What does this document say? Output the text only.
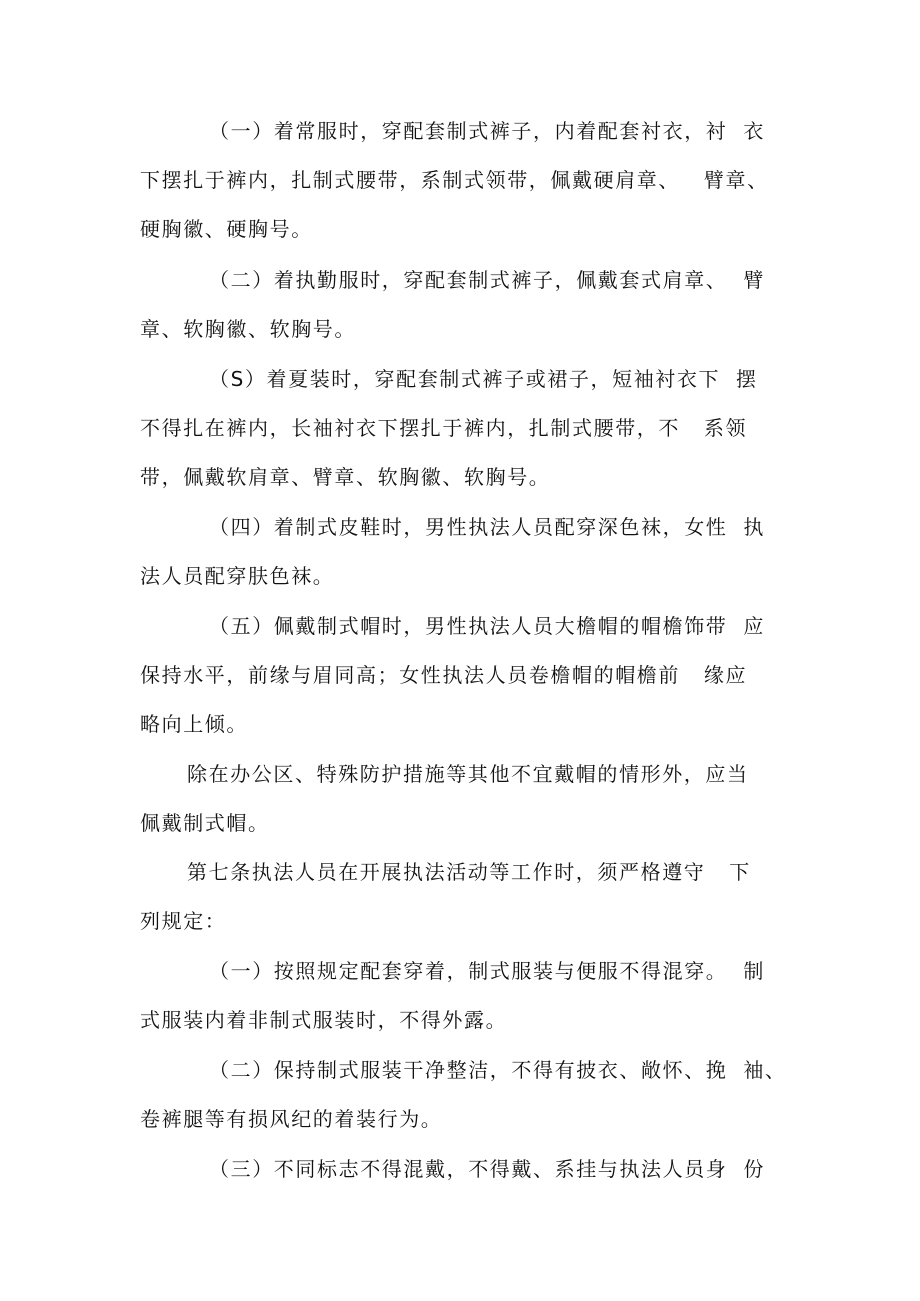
（一）着常服时，穿配套制式裤子，内着配套衬衣，衬  衣
下摆扎于裤内，扎制式腰带，系制式领带，佩戴硬肩章、   臂章、
硬胸徽、硬胸号。
（二）着执勤服时，穿配套制式裤子，佩戴套式肩章、  臂
章、软胸徽、软胸号。
（S）着夏装时，穿配套制式裤子或裙子，短袖衬衣下  摆
不得扎在裤内，长袖衬衣下摆扎于裤内，扎制式腰带，不   系领
带，佩戴软肩章、臂章、软胸徽、软胸号。
（四）着制式皮鞋时，男性执法人员配穿深色袜，女性  执
法人员配穿肤色袜。
（五）佩戴制式帽时，男性执法人员大檐帽的帽檐饰带  应
保持水平，前缘与眉同高；女性执法人员卷檐帽的帽檐前   缘应
略向上倾。
除在办公区、特殊防护措施等其他不宜戴帽的情形外，应当
佩戴制式帽。
第七条执法人员在开展执法活动等工作时，须严格遵守   下
列规定：
（一）按照规定配套穿着，制式服装与便服不得混穿。  制
式服装内着非制式服装时，不得外露。
（二）保持制式服装干净整洁，不得有披衣、敞怀、挽  袖、
卷裤腿等有损风纪的着装行为。
（三）不同标志不得混戴，不得戴、系挂与执法人员身  份
